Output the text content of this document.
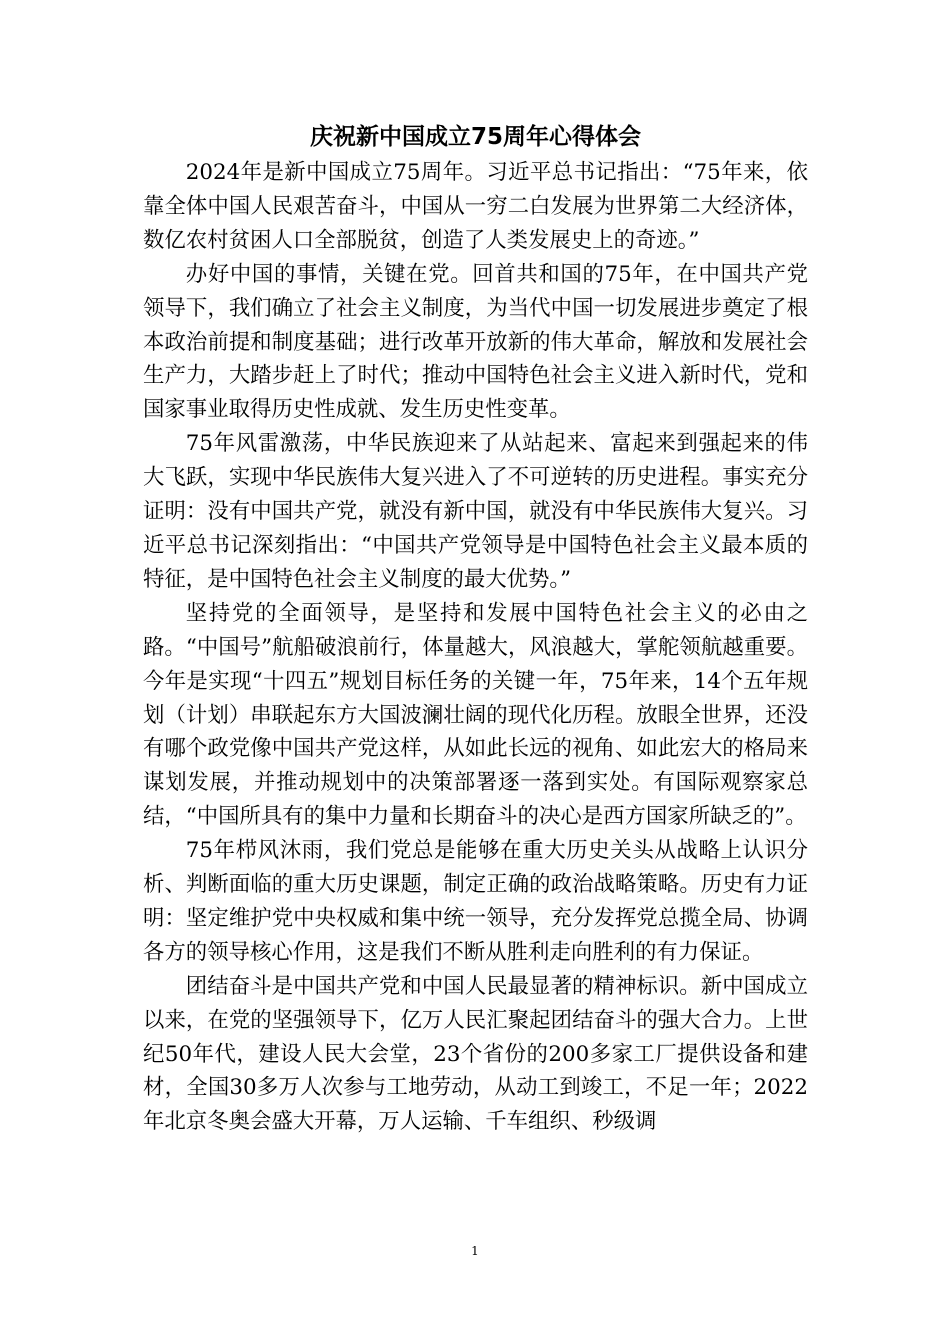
庆祝新中国成立75周年心得体会

2024年是新中国成立75周年。习近平总书记指出：“75年来，依靠全体中国人民艰苦奋斗，中国从一穷二白发展为世界第二大经济体，数亿农村贫困人口全部脱贫，创造了人类发展史上的奇迹。”

办好中国的事情，关键在党。回首共和国的75年，在中国共产党领导下，我们确立了社会主义制度，为当代中国一切发展进步奠定了根本政治前提和制度基础；进行改革开放新的伟大革命，解放和发展社会生产力，大踏步赶上了时代；推动中国特色社会主义进入新时代，党和国家事业取得历史性成就、发生历史性变革。

75年风雷激荡，中华民族迎来了从站起来、富起来到强起来的伟大飞跃，实现中华民族伟大复兴进入了不可逆转的历史进程。事实充分证明：没有中国共产党，就没有新中国，就没有中华民族伟大复兴。习近平总书记深刻指出：“中国共产党领导是中国特色社会主义最本质的特征，是中国特色社会主义制度的最大优势。”

坚持党的全面领导，是坚持和发展中国特色社会主义的必由之路。“中国号”航船破浪前行，体量越大，风浪越大，掌舵领航越重要。今年是实现“十四五”规划目标任务的关键一年，75年来，14个五年规划（计划）串联起东方大国波澜壮阔的现代化历程。放眼全世界，还没有哪个政党像中国共产党这样，从如此长远的视角、如此宏大的格局来谋划发展，并推动规划中的决策部署逐一落到实处。有国际观察家总结，“中国所具有的集中力量和长期奋斗的决心是西方国家所缺乏的”。

75年栉风沐雨，我们党总是能够在重大历史关头从战略上认识分析、判断面临的重大历史课题，制定正确的政治战略策略。历史有力证明：坚定维护党中央权威和集中统一领导，充分发挥党总揽全局、协调各方的领导核心作用，这是我们不断从胜利走向胜利的有力保证。

团结奋斗是中国共产党和中国人民最显著的精神标识。新中国成立以来，在党的坚强领导下，亿万人民汇聚起团结奋斗的强大合力。上世纪50年代，建设人民大会堂，23个省份的200多家工厂提供设备和建材，全国30多万人次参与工地劳动，从动工到竣工，不足一年；2022年北京冬奥会盛大开幕，万人运输、千车组织、秒级调

1
